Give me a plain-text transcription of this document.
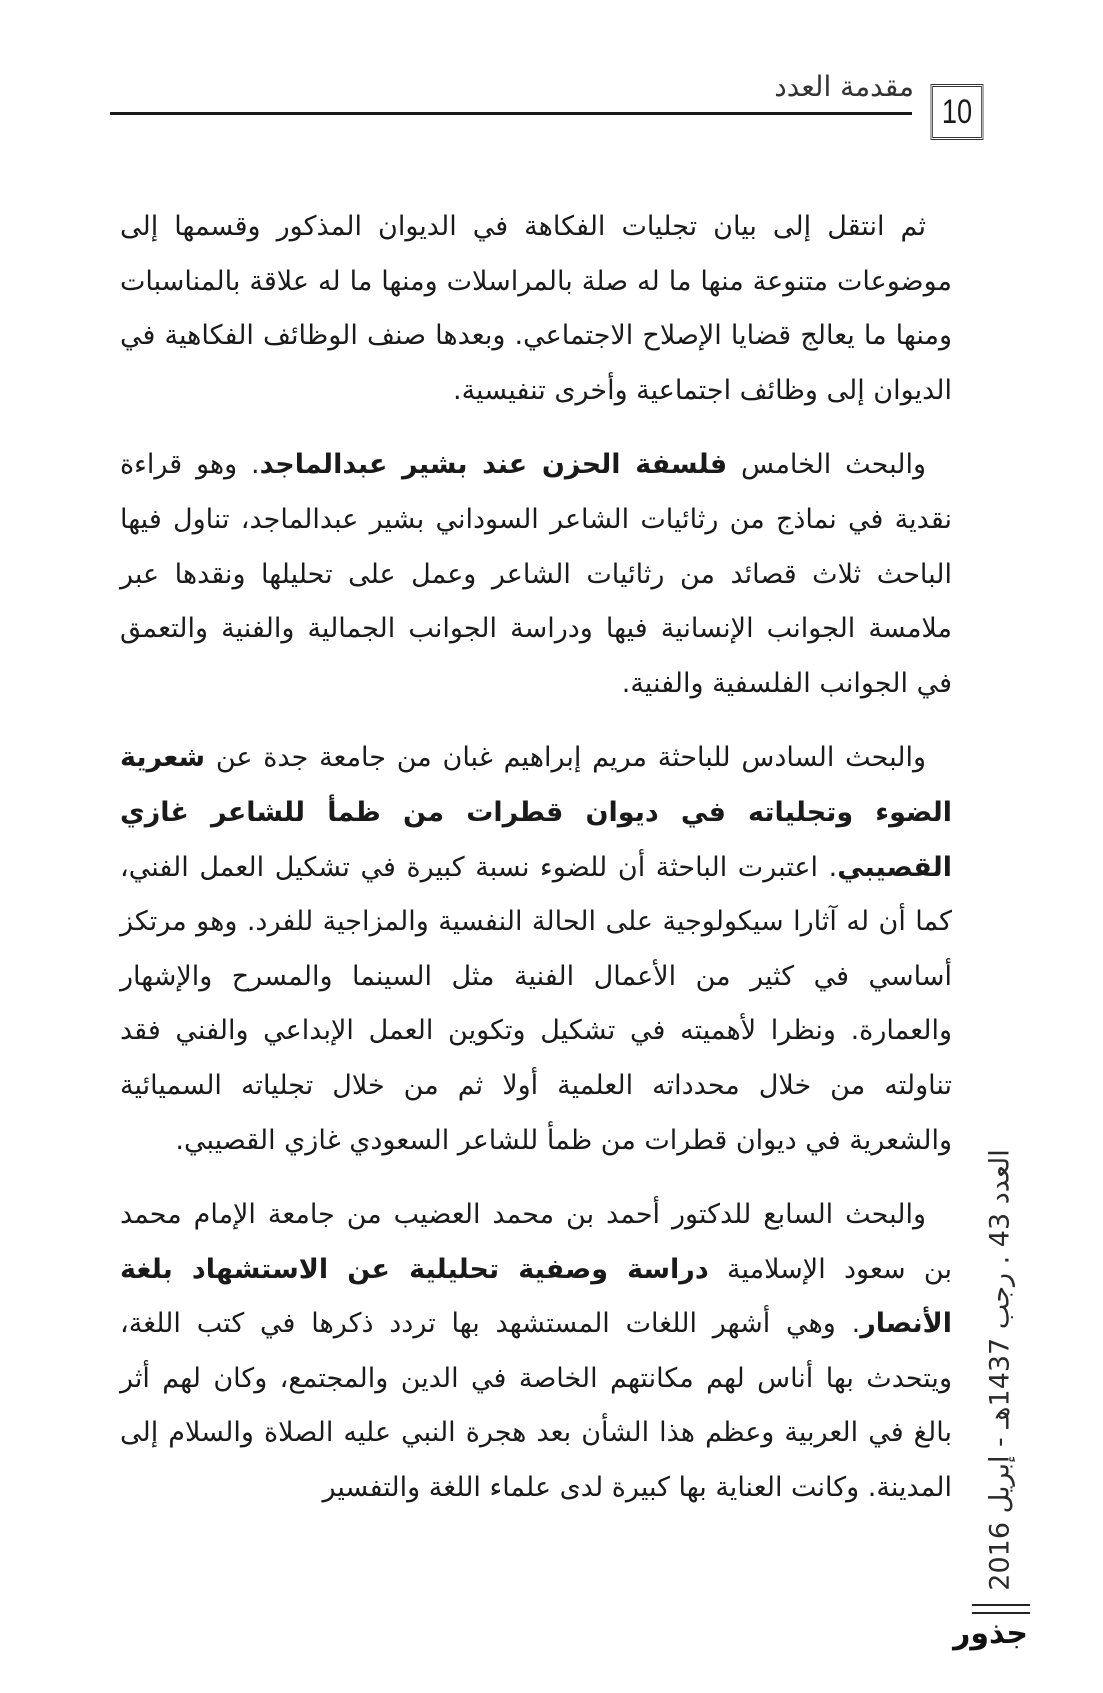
مقدمة العدد
10

ثم انتقل إلى بيان تجليات الفكاهة في الديوان المذكور وقسمها إلى موضوعات متنوعة منها ما له صلة بالمراسلات ومنها ما له علاقة بالمناسبات ومنها ما يعالج قضايا الإصلاح الاجتماعي. وبعدها صنف الوظائف الفكاهية في الديوان إلى وظائف اجتماعية وأخرى تنفيسية.

والبحث الخامس فلسفة الحزن عند بشير عبدالماجد. وهو قراءة نقدية في نماذج من رثائيات الشاعر السوداني بشير عبدالماجد، تناول فيها الباحث ثلاث قصائد من رثائيات الشاعر وعمل على تحليلها ونقدها عبر ملامسة الجوانب الإنسانية فيها ودراسة الجوانب الجمالية والفنية والتعمق في الجوانب الفلسفية والفنية.

والبحث السادس للباحثة مريم إبراهيم غبان من جامعة جدة عن شعرية الضوء وتجلياته في ديوان قطرات من ظمأ للشاعر غازي القصيبي. اعتبرت الباحثة أن للضوء نسبة كبيرة في تشكيل العمل الفني، كما أن له آثارا سيكولوجية على الحالة النفسية والمزاجية للفرد. وهو مرتكز أساسي في كثير من الأعمال الفنية مثل السينما والمسرح والإشهار والعمارة. ونظرا لأهميته في تشكيل وتكوين العمل الإبداعي والفني فقد تناولته من خلال محدداته العلمية أولا ثم من خلال تجلياته السميائية والشعرية في ديوان قطرات من ظمأ للشاعر السعودي غازي القصيبي.

والبحث السابع للدكتور أحمد بن محمد العضيب من جامعة الإمام محمد بن سعود الإسلامية دراسة وصفية تحليلية عن الاستشهاد بلغة الأنصار. وهي أشهر اللغات المستشهد بها تردد ذكرها في كتب اللغة، ويتحدث بها أناس لهم مكانتهم الخاصة في الدين والمجتمع، وكان لهم أثر بالغ في العربية وعظم هذا الشأن بعد هجرة النبي عليه الصلاة والسلام إلى المدينة. وكانت العناية بها كبيرة لدى علماء اللغة والتفسير

العدد 43 . رجب 1437هـ - إبريل 2016
جذور
